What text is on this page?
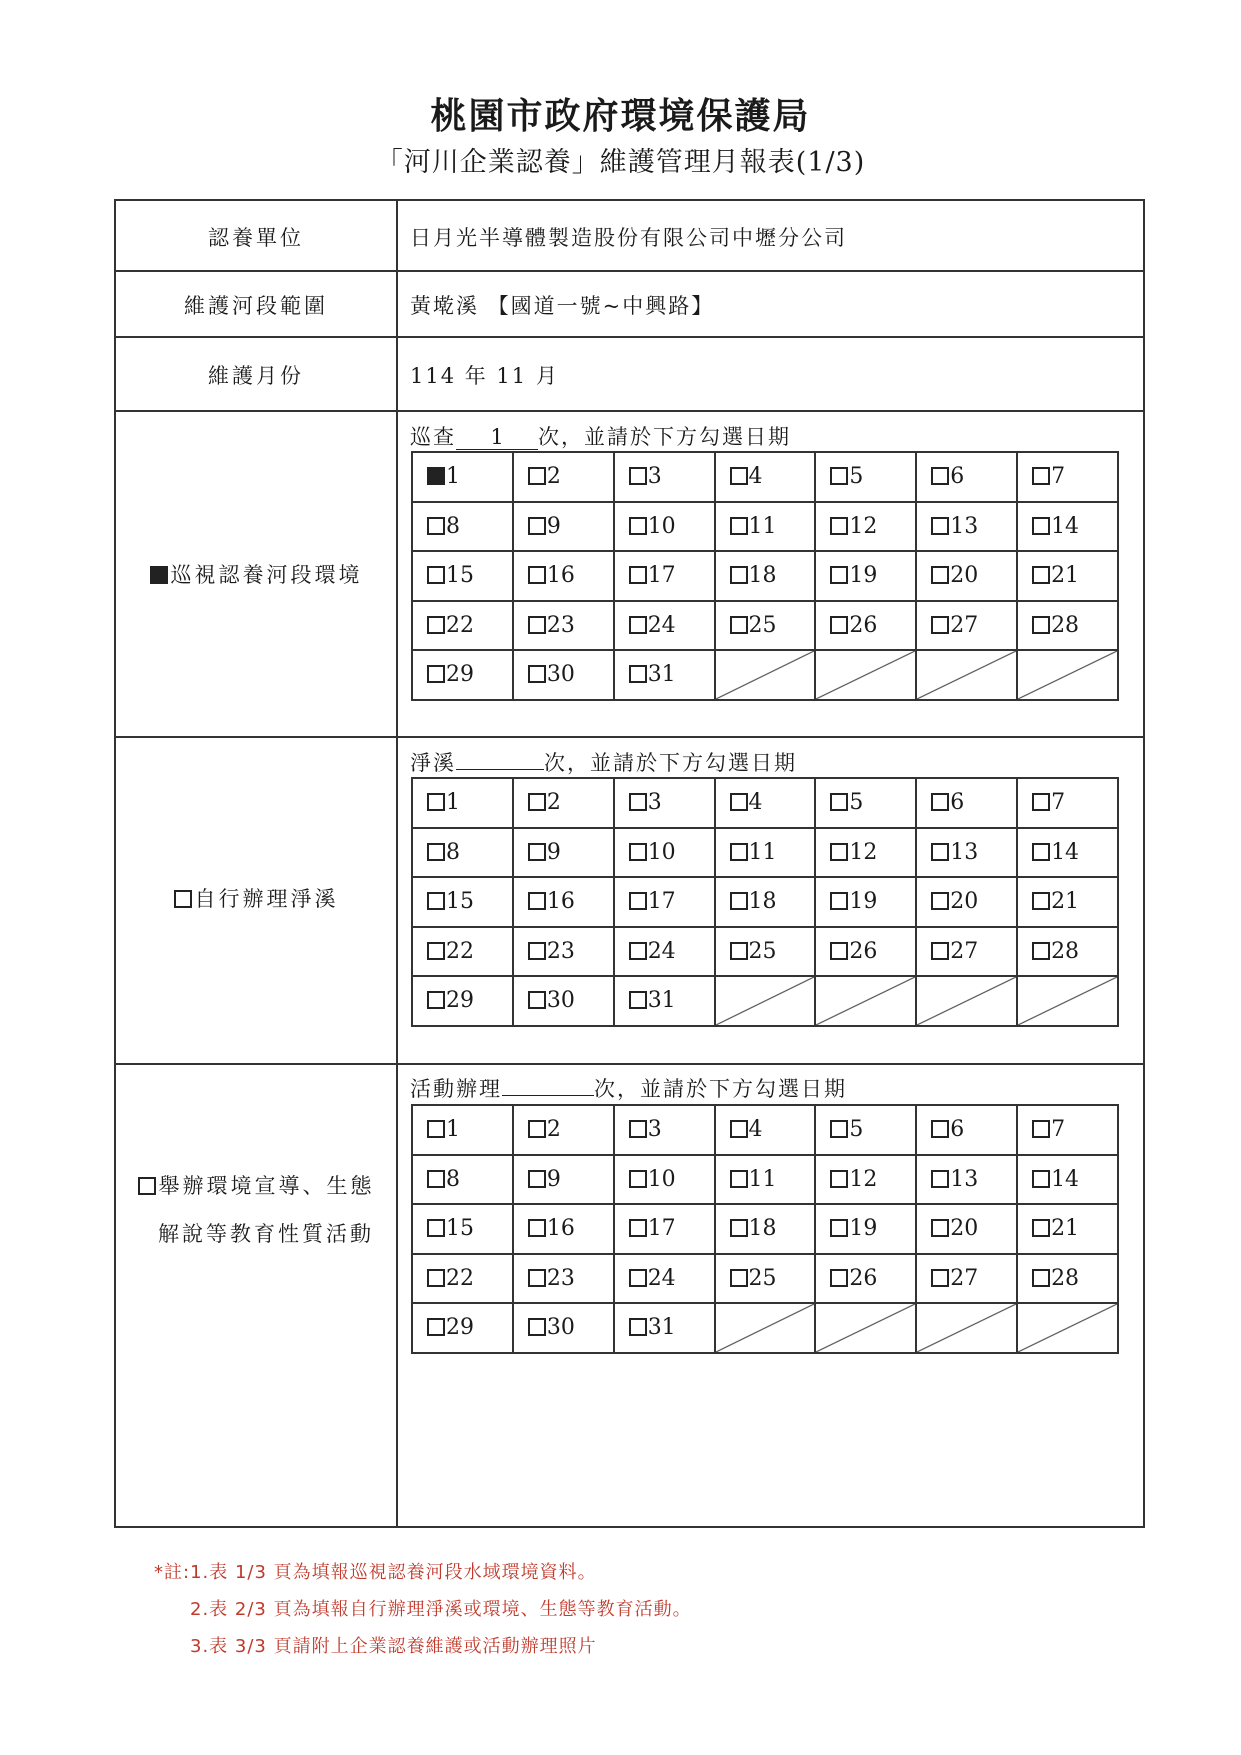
桃園市政府環境保護局
「河川企業認養」維護管理月報表(1/3)
認養單位	日月光半導體製造股份有限公司中壢分公司
維護河段範圍	黃墘溪 【國道一號~中興路】
維護月份	114 年 11 月
巡視認養河段環境
巡查 1 次，並請於下方勾選日期
1	2	3	4	5	6	7
8	9	10	11	12	13	14
15	16	17	18	19	20	21
22	23	24	25	26	27	28
29	30	31				
自行辦理淨溪
淨溪	次，並請於下方勾選日期
1	2	3	4	5	6	7
8	9	10	11	12	13	14
15	16	17	18	19	20	21
22	23	24	25	26	27	28
29	30	31				
舉辦環境宣導、生態
解說等教育性質活動
活動辦理	次，並請於下方勾選日期
1	2	3	4	5	6	7
8	9	10	11	12	13	14
15	16	17	18	19	20	21
22	23	24	25	26	27	28
29	30	31				
*註:1.表 1/3 頁為填報巡視認養河段水域環境資料。
2.表 2/3 頁為填報自行辦理淨溪或環境、生態等教育活動。
3.表 3/3 頁請附上企業認養維護或活動辦理照片
